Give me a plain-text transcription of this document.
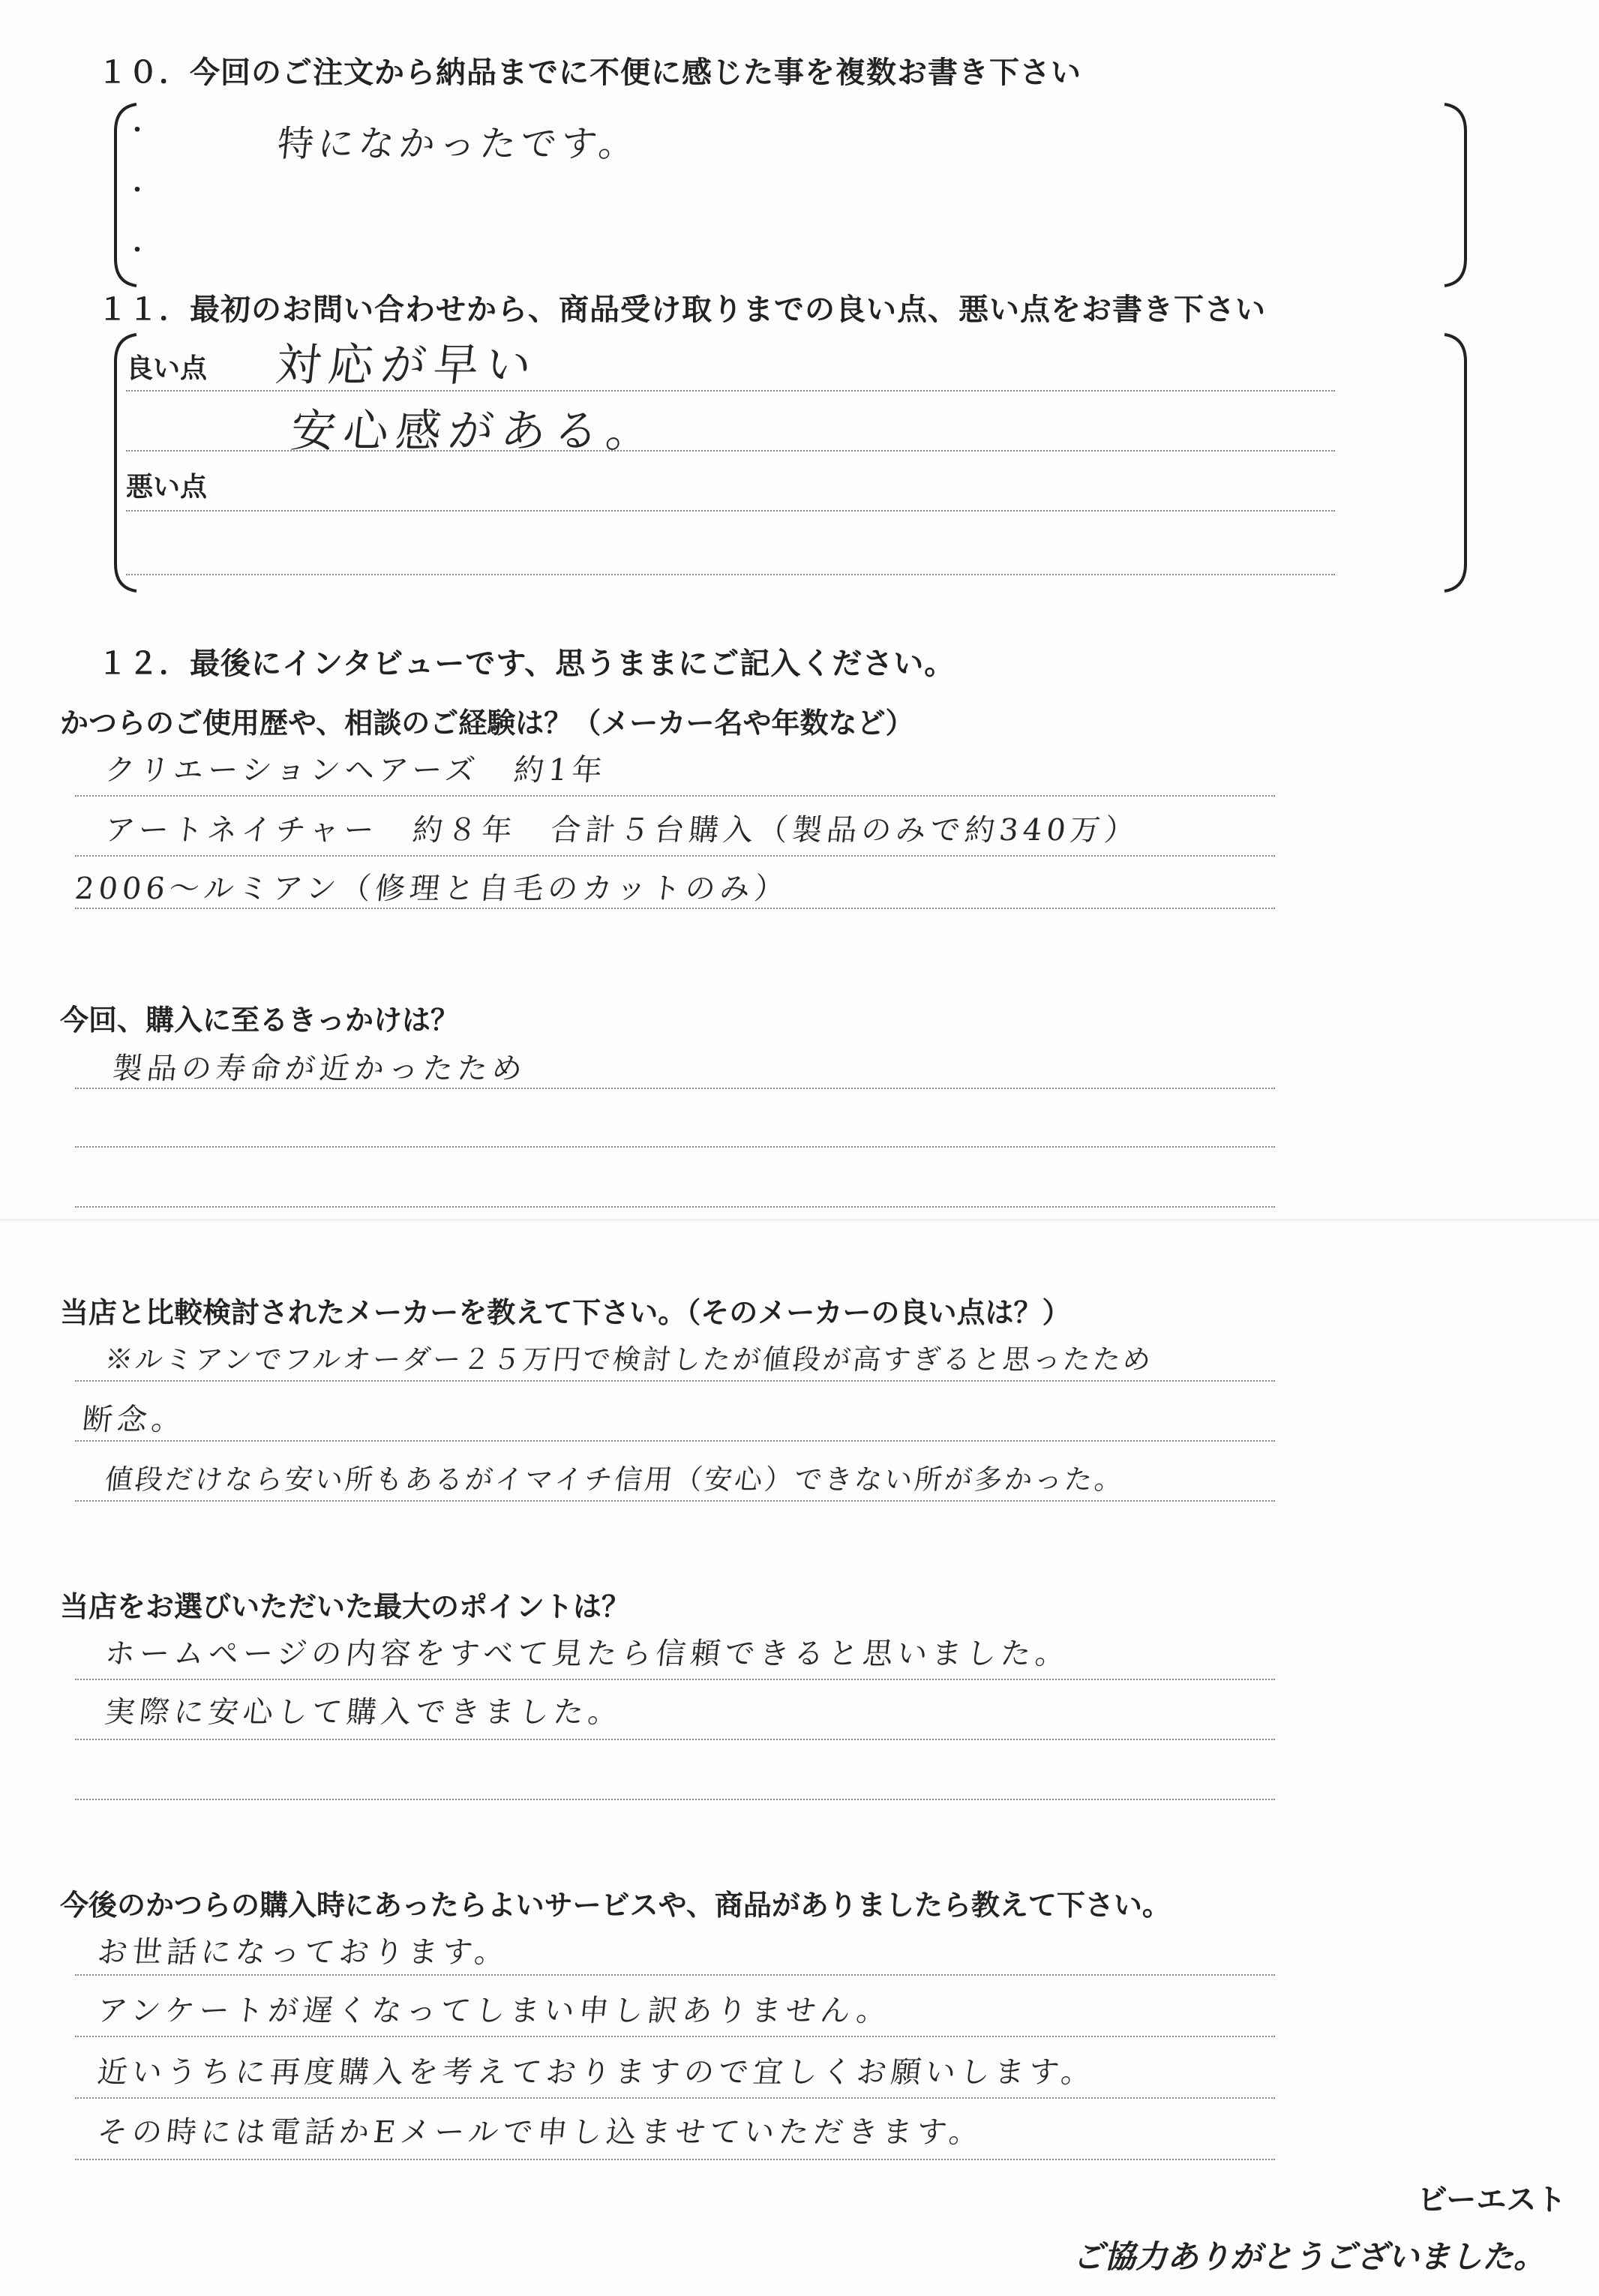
１０．今回のご注文から納品までに不便に感じた事を複数お書き下さい
・
・
・
特になかったです。
１１．最初のお問い合わせから、商品受け取りまでの良い点、悪い点をお書き下さい
良い点 対応が早い
安心感がある。
悪い点
１２．最後にインタビューです、思うままにご記入ください。
かつらのご使用歴や、相談のご経験は？（メーカー名や年数など）
クリエーションヘアーズ　約1年
アートネイチャー　約８年　合計５台購入（製品のみで約340万）
2006～ルミアン（修理と自毛のカットのみ）
今回、購入に至るきっかけは？
製品の寿命が近かったため
当店と比較検討されたメーカーを教えて下さい。（そのメーカーの良い点は？）
※ルミアンでフルオーダー２５万円で検討したが値段が高すぎると思ったため
断念。
値段だけなら安い所もあるがイマイチ信用（安心）できない所が多かった。
当店をお選びいただいた最大のポイントは？
ホームページの内容をすべて見たら信頼できると思いました。
実際に安心して購入できました。
今後のかつらの購入時にあったらよいサービスや、商品がありましたら教えて下さい。
お世話になっております。
アンケートが遅くなってしまい申し訳ありません。
近いうちに再度購入を考えておりますので宜しくお願いします。
その時には電話かEメールで申し込ませていただきます。
ビーエスト
ご協力ありがとうございました。
